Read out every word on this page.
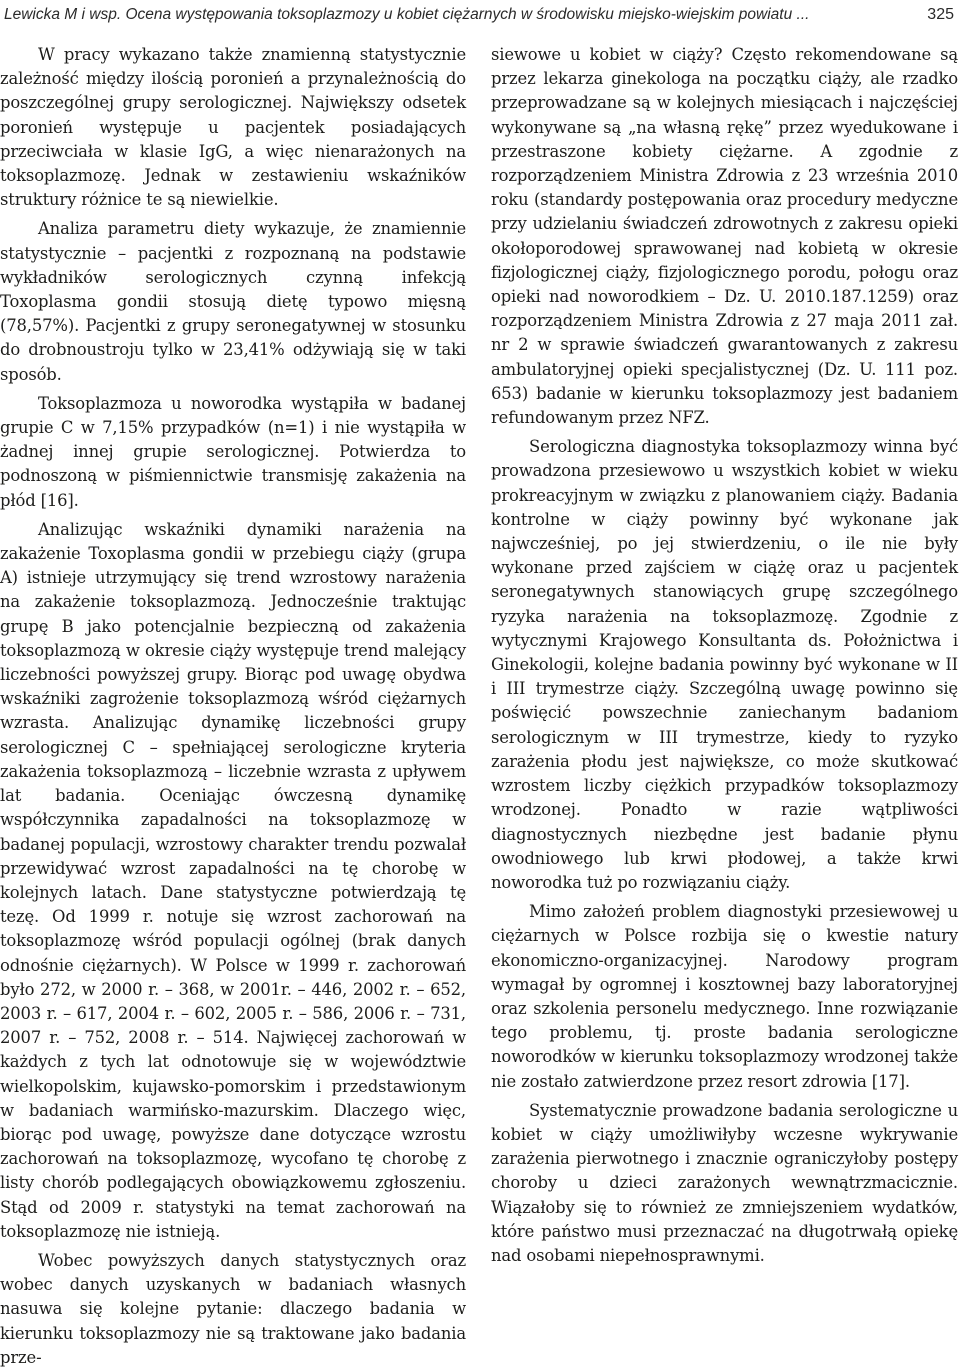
Lewicka M i wsp. Ocena występowania toksoplazmozy u kobiet ciężarnych w środowisku miejsko-wiejskim powiatu ...	325

W pracy wykazano także znamienną statystycznie zależność między ilością poronień a przynależnością do poszczególnej grupy serologicznej. Największy odsetek poronień występuje u pacjentek posiadających przeciwciała w klasie IgG, a więc nienarażonych na toksoplazmozę. Jednak w zestawieniu wskaźników struktury różnice te są niewielkie.

Analiza parametru diety wykazuje, że znamiennie statystycznie – pacjentki z rozpoznaną na podstawie wykładników serologicznych czynną infekcją Toxoplasma gondii stosują dietę typowo mięsną (78,57%). Pacjentki z grupy seronegatywnej w stosunku do drobnoustroju tylko w 23,41% odżywiają się w taki sposób.

Toksoplazmoza u noworodka wystąpiła w badanej grupie C w 7,15% przypadków (n=1) i nie wystąpiła w żadnej innej grupie serologicznej. Potwierdza to podnoszoną w piśmiennictwie transmisję zakażenia na płód [16].

Analizując wskaźniki dynamiki narażenia na zakażenie Toxoplasma gondii w przebiegu ciąży (grupa A) istnieje utrzymujący się trend wzrostowy narażenia na zakażenie toksoplazmozą. Jednocześnie traktując grupę B jako potencjalnie bezpieczną od zakażenia toksoplazmozą w okresie ciąży występuje trend malejący liczebności powyższej grupy. Biorąc pod uwagę obydwa wskaźniki zagrożenie toksoplazmozą wśród ciężarnych wzrasta. Analizując dynamikę liczebności grupy serologicznej C – spełniającej serologiczne kryteria zakażenia toksoplazmozą – liczebnie wzrasta z upływem lat badania. Oceniając ówczesną dynamikę współczynnika zapadalności na toksoplazmozę w badanej populacji, wzrostowy charakter trendu pozwalał przewidywać wzrost zapadalności na tę chorobę w kolejnych latach. Dane statystyczne potwierdzają tę tezę. Od 1999 r. notuje się wzrost zachorowań na toksoplazmozę wśród populacji ogólnej (brak danych odnośnie ciężarnych). W Polsce w 1999 r. zachorowań było 272, w 2000 r. – 368, w 2001r. – 446, 2002 r. – 652, 2003 r. – 617, 2004 r. – 602, 2005 r. – 586, 2006 r. – 731, 2007 r. – 752, 2008 r. – 514. Najwięcej zachorowań w każdych z tych lat odnotowuje się w województwie wielkopolskim, kujawsko-pomorskim i przedstawionym w badaniach warmińsko-mazurskim. Dlaczego więc, biorąc pod uwagę, powyższe dane dotyczące wzrostu zachorowań na toksoplazmozę, wycofano tę chorobę z listy chorób podlegających obowiązkowemu zgłoszeniu. Stąd od 2009 r. statystyki na temat zachorowań na toksoplazmozę nie istnieją.

Wobec powyższych danych statystycznych oraz wobec danych uzyskanych w badaniach własnych nasuwa się kolejne pytanie: dlaczego badania w kierunku toksoplazmozy nie są traktowane jako badania prze-

siewowe u kobiet w ciąży? Często rekomendowane są przez lekarza ginekologa na początku ciąży, ale rzadko przeprowadzane są w kolejnych miesiącach i najczęściej wykonywane są „na własną rękę” przez wyedukowane i przestraszone kobiety ciężarne. A zgodnie z rozporządzeniem Ministra Zdrowia z 23 września 2010 roku (standardy postępowania oraz procedury medyczne przy udzielaniu świadczeń zdrowotnych z zakresu opieki okołoporodowej sprawowanej nad kobietą w okresie fizjologicznej ciąży, fizjologicznego porodu, połogu oraz opieki nad noworodkiem – Dz. U. 2010.187.1259) oraz rozporządzeniem Ministra Zdrowia z 27 maja 2011 zał. nr 2 w sprawie świadczeń gwarantowanych z zakresu ambulatoryjnej opieki specjalistycznej (Dz. U. 111 poz. 653) badanie w kierunku toksoplazmozy jest badaniem refundowanym przez NFZ.

Serologiczna diagnostyka toksoplazmozy winna być prowadzona przesiewowo u wszystkich kobiet w wieku prokreacyjnym w związku z planowaniem ciąży. Badania kontrolne w ciąży powinny być wykonane jak najwcześniej, po jej stwierdzeniu, o ile nie były wykonane przed zajściem w ciążę oraz u pacjentek seronegatywnych stanowiących grupę szczególnego ryzyka narażenia na toksoplazmozę. Zgodnie z wytycznymi Krajowego Konsultanta ds. Położnictwa i Ginekologii, kolejne badania powinny być wykonane w II i III trymestrze ciąży. Szczególną uwagę powinno się poświęcić powszechnie zaniechanym badaniom serologicznym w III trymestrze, kiedy to ryzyko zarażenia płodu jest największe, co może skutkować wzrostem liczby ciężkich przypadków toksoplazmozy wrodzonej. Ponadto w razie wątpliwości diagnostycznych niezbędne jest badanie płynu owodniowego lub krwi płodowej, a także krwi noworodka tuż po rozwiązaniu ciąży.

Mimo założeń problem diagnostyki przesiewowej u ciężarnych w Polsce rozbija się o kwestie natury ekonomiczno-organizacyjnej. Narodowy program wymagał by ogromnej i kosztownej bazy laboratoryjnej oraz szkolenia personelu medycznego. Inne rozwiązanie tego problemu, tj. proste badania serologiczne noworodków w kierunku toksoplazmozy wrodzonej także nie zostało zatwierdzone przez resort zdrowia [17].

Systematycznie prowadzone badania serologiczne u kobiet w ciąży umożliwiłyby wczesne wykrywanie zarażenia pierwotnego i znacznie ograniczyłoby postępy choroby u dzieci zarażonych wewnątrzmacicznie. Wiązałoby się to również ze zmniejszeniem wydatków, które państwo musi przeznaczać na długotrwałą opiekę nad osobami niepełnosprawnymi.
